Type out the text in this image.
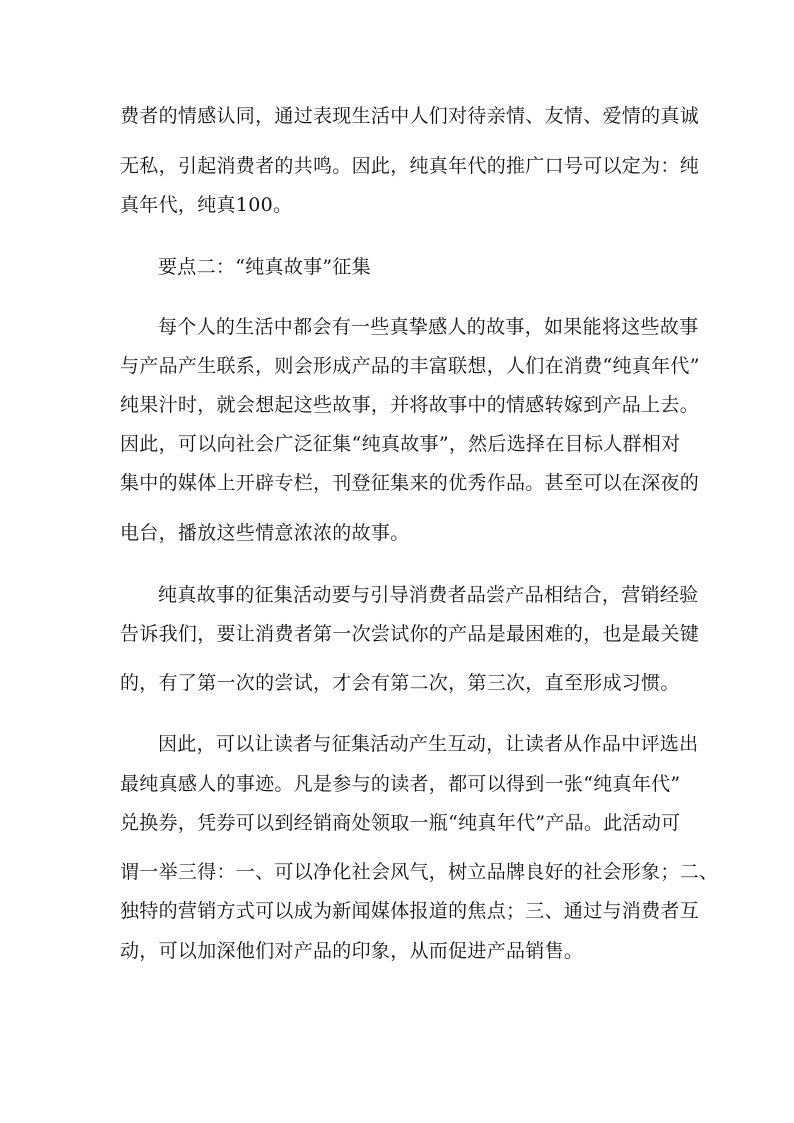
费者的情感认同，通过表现生活中人们对待亲情、友情、爱情的真诚
无私，引起消费者的共鸣。因此，纯真年代的推广口号可以定为：纯
真年代，纯真100。
要点二：“纯真故事”征集
每个人的生活中都会有一些真挚感人的故事，如果能将这些故事
与产品产生联系，则会形成产品的丰富联想，人们在消费“纯真年代”
纯果汁时，就会想起这些故事，并将故事中的情感转嫁到产品上去。
因此，可以向社会广泛征集“纯真故事”，然后选择在目标人群相对
集中的媒体上开辟专栏，刊登征集来的优秀作品。甚至可以在深夜的
电台，播放这些情意浓浓的故事。
纯真故事的征集活动要与引导消费者品尝产品相结合，营销经验
告诉我们，要让消费者第一次尝试你的产品是最困难的，也是最关键
的，有了第一次的尝试，才会有第二次，第三次，直至形成习惯。
因此，可以让读者与征集活动产生互动，让读者从作品中评选出
最纯真感人的事迹。凡是参与的读者，都可以得到一张“纯真年代”
兑换券，凭券可以到经销商处领取一瓶“纯真年代”产品。此活动可
谓一举三得：一、可以净化社会风气，树立品牌良好的社会形象；二、
独特的营销方式可以成为新闻媒体报道的焦点；三、通过与消费者互
动，可以加深他们对产品的印象，从而促进产品销售。
